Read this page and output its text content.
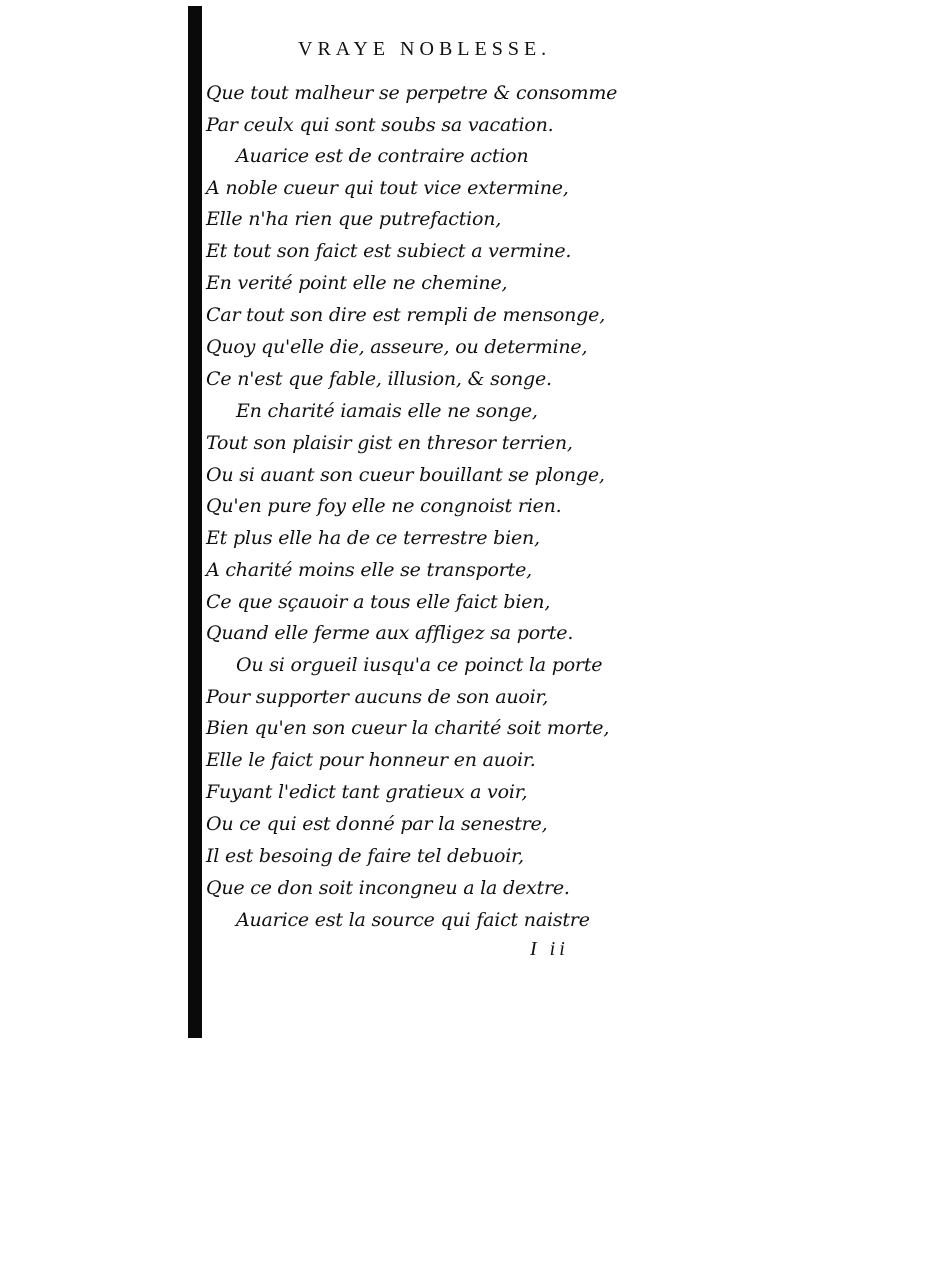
VRAYE NOBLESSE.
Que tout malheur se perpetre & consomme
Par ceulx qui sont soubs sa vacation.
Auarice est de contraire action
A noble cueur qui tout vice extermine,
Elle n'ha rien que putrefaction,
Et tout son faict est subiect a vermine.
En verité point elle ne chemine,
Car tout son dire est rempli de mensonge,
Quoy qu'elle die, asseure, ou determine,
Ce n'est que fable, illusion, & songe.
En charité iamais elle ne songe,
Tout son plaisir gist en thresor terrien,
Ou si auant son cueur bouillant se plonge,
Qu'en pure foy elle ne congnoist rien.
Et plus elle ha de ce terrestre bien,
A charité moins elle se transporte,
Ce que sçauoir a tous elle faict bien,
Quand elle ferme aux affligez sa porte.
Ou si orgueil iusqu'a ce poinct la porte
Pour supporter aucuns de son auoir,
Bien qu'en son cueur la charité soit morte,
Elle le faict pour honneur en auoir.
Fuyant l'edict tant gratieux a voir,
Ou ce qui est donné par la senestre,
Il est besoing de faire tel debuoir,
Que ce don soit incongneu a la dextre.
Auarice est la source qui faict naistre
I ii
